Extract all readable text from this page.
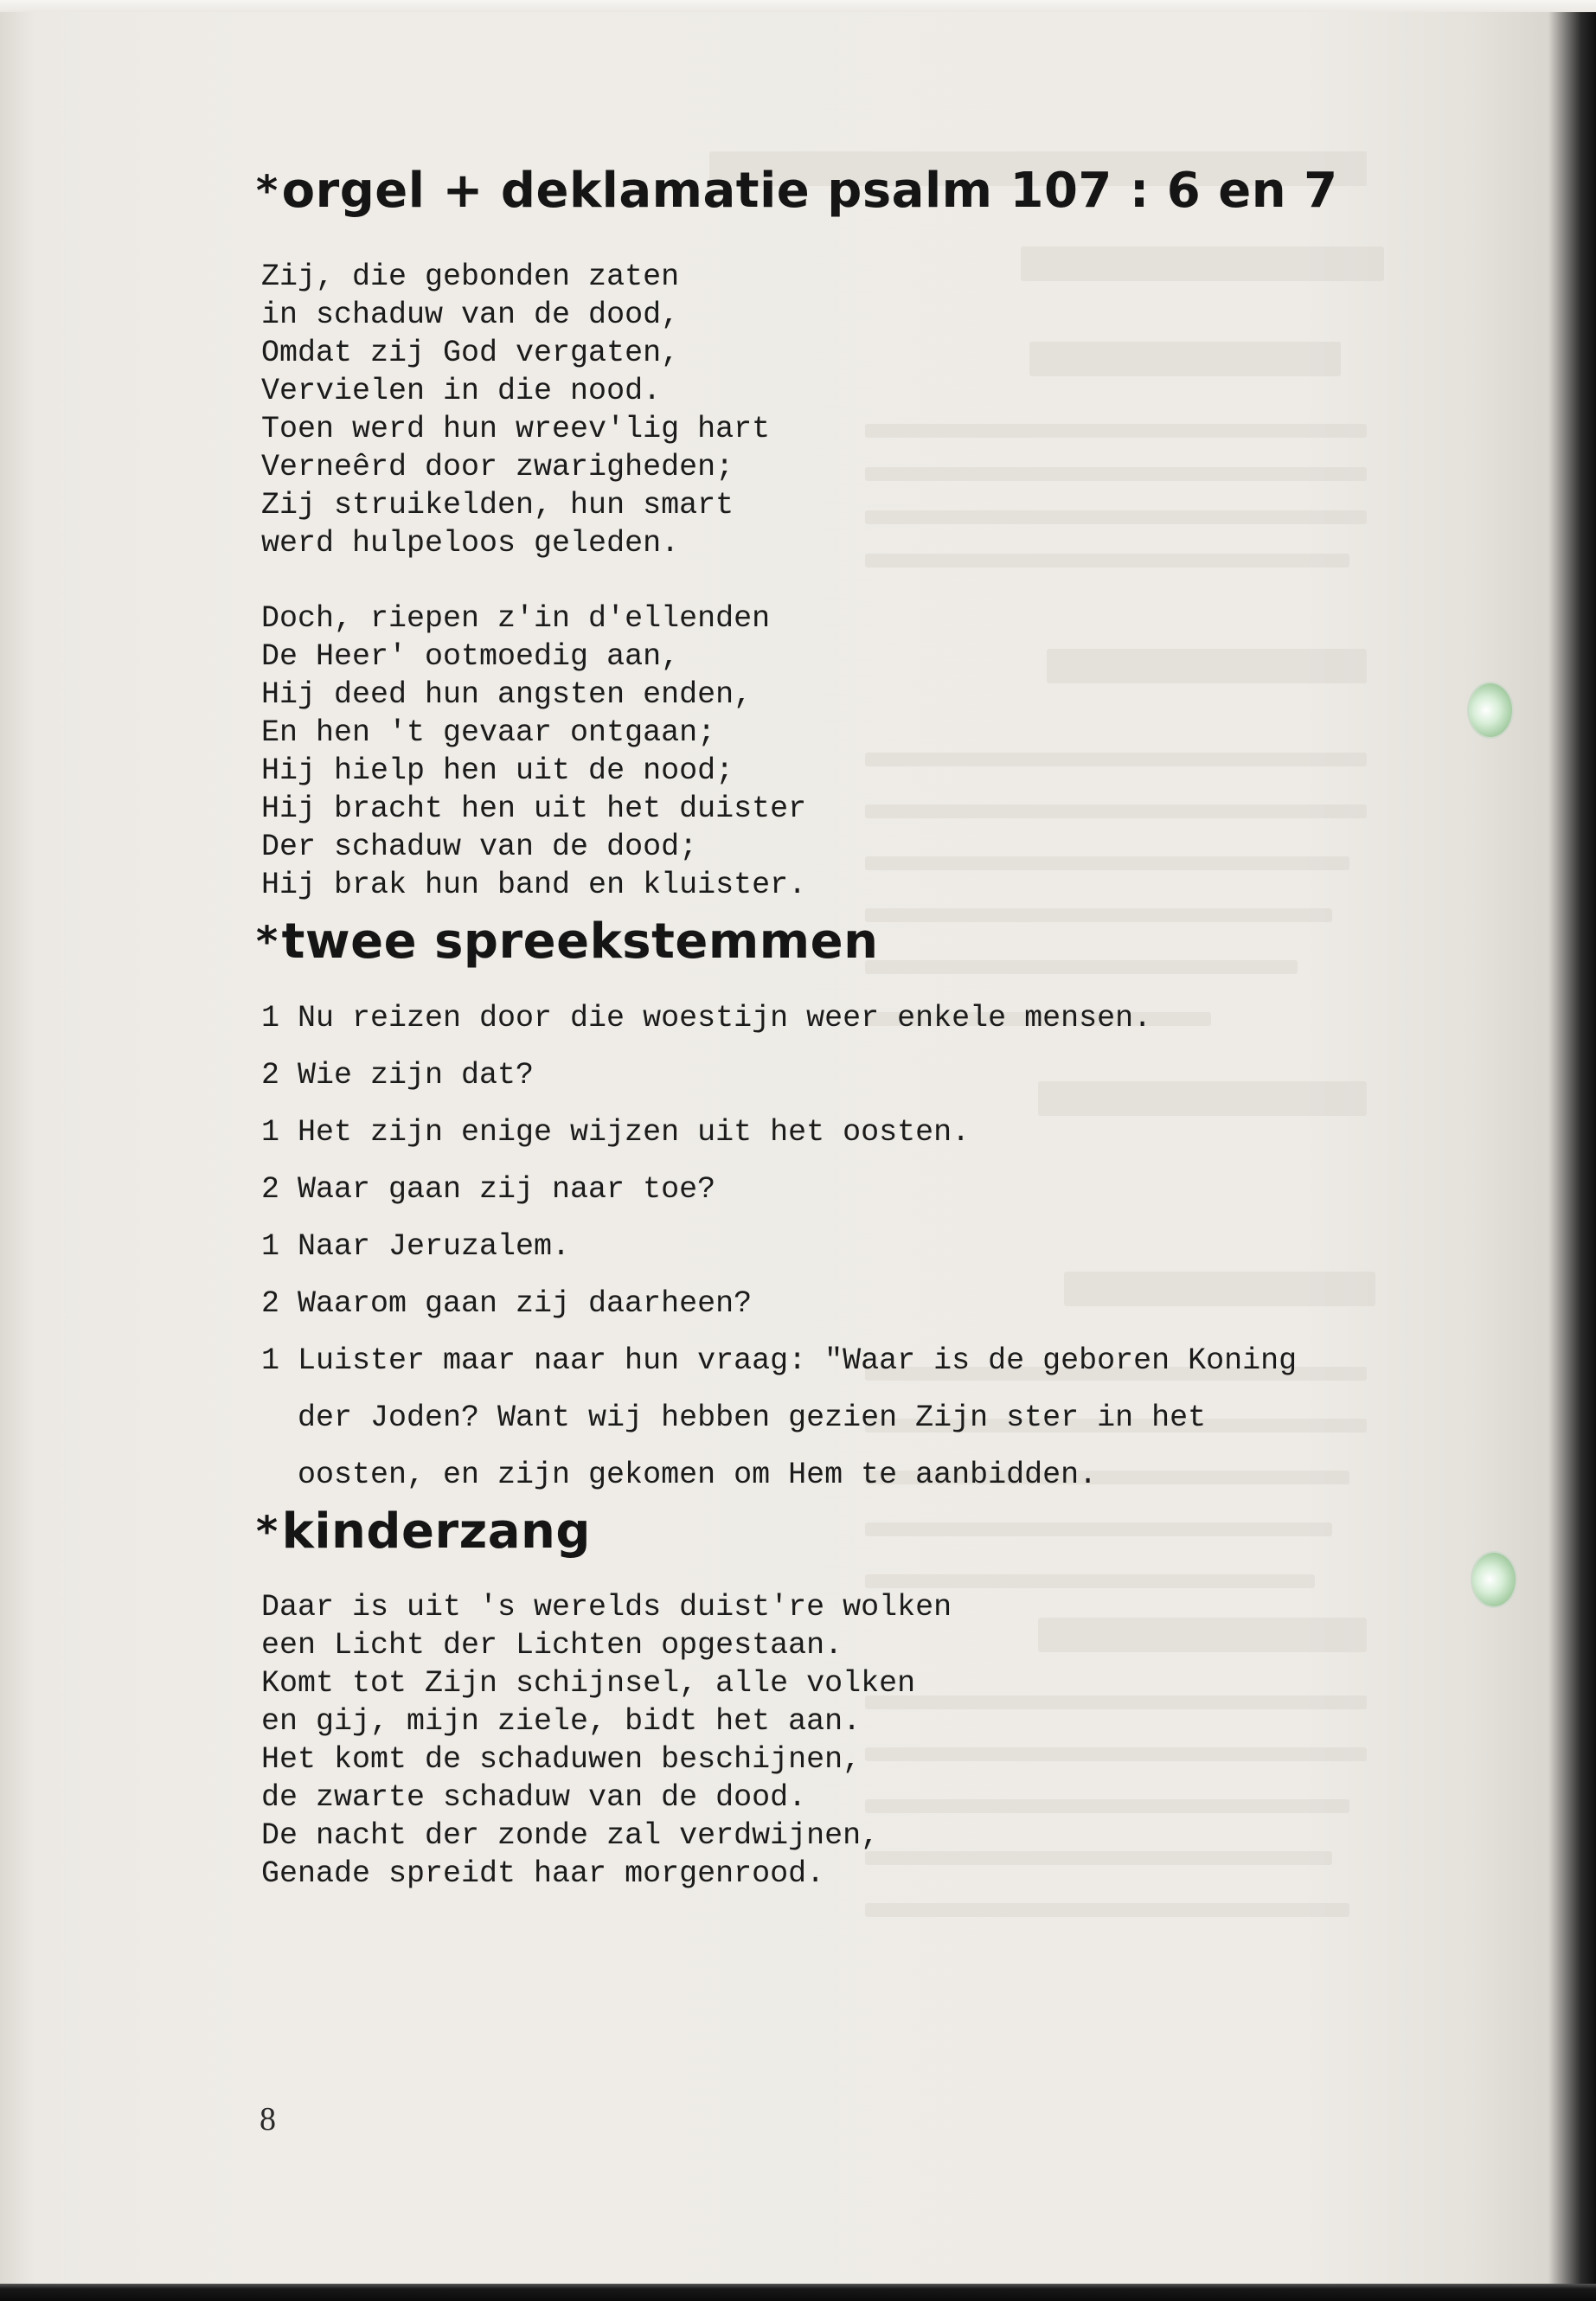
*orgel + deklamatie psalm 107 : 6 en 7

Zij, die gebonden zaten
in schaduw van de dood,
Omdat zij God vergaten,
Vervielen in die nood.
Toen werd hun wreev'lig hart
Verneêrd door zwarigheden;
Zij struikelden, hun smart
werd hulpeloos geleden.

Doch, riepen z'in d'ellenden
De Heer' ootmoedig aan,
Hij deed hun angsten enden,
En hen 't gevaar ontgaan;
Hij hielp hen uit de nood;
Hij bracht hen uit het duister
Der schaduw van de dood;
Hij brak hun band en kluister.

*twee spreekstemmen
1 Nu reizen door die woestijn weer enkele mensen.
2 Wie zijn dat?
1 Het zijn enige wijzen uit het oosten.
2 Waar gaan zij naar toe?
1 Naar Jeruzalem.
2 Waarom gaan zij daarheen?
1 Luister maar naar hun vraag: "Waar is de geboren Koning
der Joden? Want wij hebben gezien Zijn ster in het
oosten, en zijn gekomen om Hem te aanbidden.
*kinderzang

Daar is uit 's werelds duist're wolken
een Licht der Lichten opgestaan.
Komt tot Zijn schijnsel, alle volken
en gij, mijn ziele, bidt het aan.
Het komt de schaduwen beschijnen,
de zwarte schaduw van de dood.
De nacht der zonde zal verdwijnen,
Genade spreidt haar morgenrood.

8
